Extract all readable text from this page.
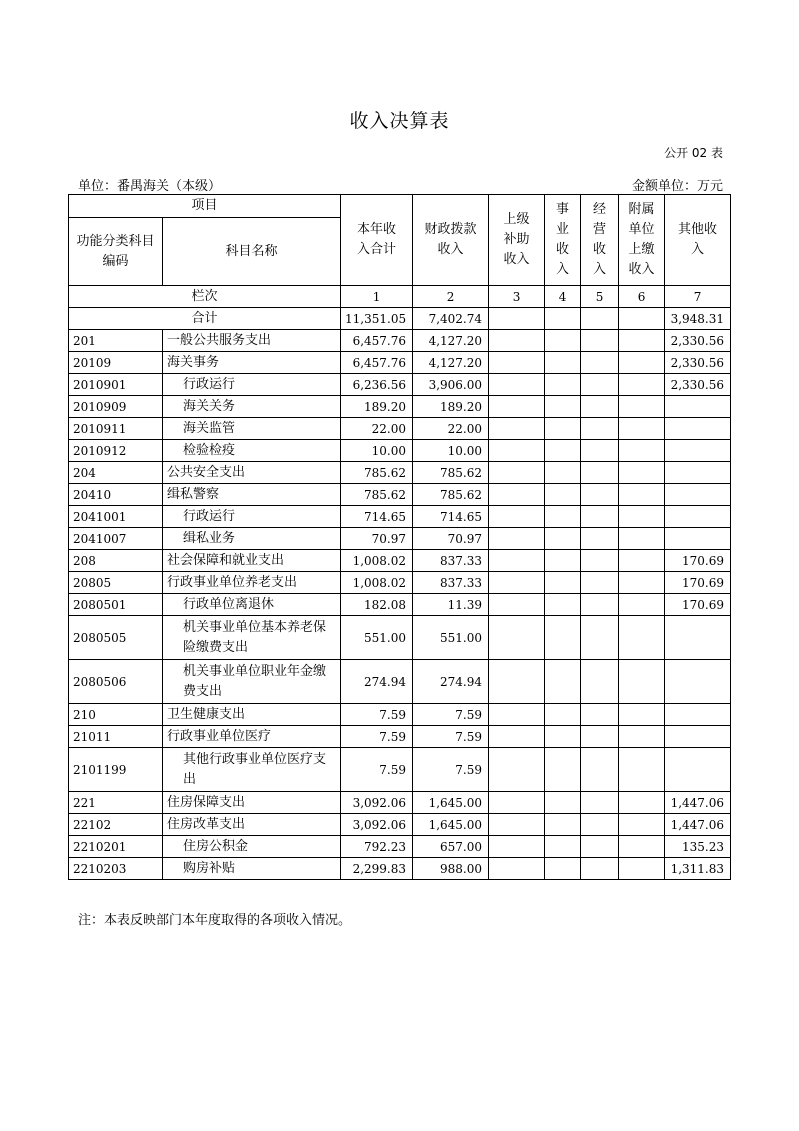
收入决算表
公开 02 表
单位：番禺海关（本级）	金额单位：万元
项目		本年收入合计	财政拨款收入	上级补助收入	事业收入	经营收入	附属单位上缴收入	其他收入

功能分类科目编码	科目名称							
栏次		1	2	3	4	5	6	7
合计		11,351.05	7,402.74					3,948.31
201	一般公共服务支出	6,457.76	4,127.20					2,330.56
20109	海关事务	6,457.76	4,127.20					2,330.56
2010901	行政运行	6,236.56	3,906.00					2,330.56
2010909	海关关务	189.20	189.20					
2010911	海关监管	22.00	22.00					
2010912	检验检疫	10.00	10.00					
204	公共安全支出	785.62	785.62					
20410	缉私警察	785.62	785.62					
2041001	行政运行	714.65	714.65					
2041007	缉私业务	70.97	70.97					
208	社会保障和就业支出	1,008.02	837.33					170.69
20805	行政事业单位养老支出	1,008.02	837.33					170.69
2080501	行政单位离退休	182.08	11.39					170.69
2080505	机关事业单位基本养老保险缴费支出	551.00	551.00					
2080506	机关事业单位职业年金缴费支出	274.94	274.94					
210	卫生健康支出	7.59	7.59					
21011	行政事业单位医疗	7.59	7.59					
2101199	其他行政事业单位医疗支出	7.59	7.59					
221	住房保障支出	3,092.06	1,645.00					1,447.06
22102	住房改革支出	3,092.06	1,645.00					1,447.06
2210201	住房公积金	792.23	657.00					135.23
2210203	购房补贴	2,299.83	988.00					1,311.83
注：本表反映部门本年度取得的各项收入情况。
